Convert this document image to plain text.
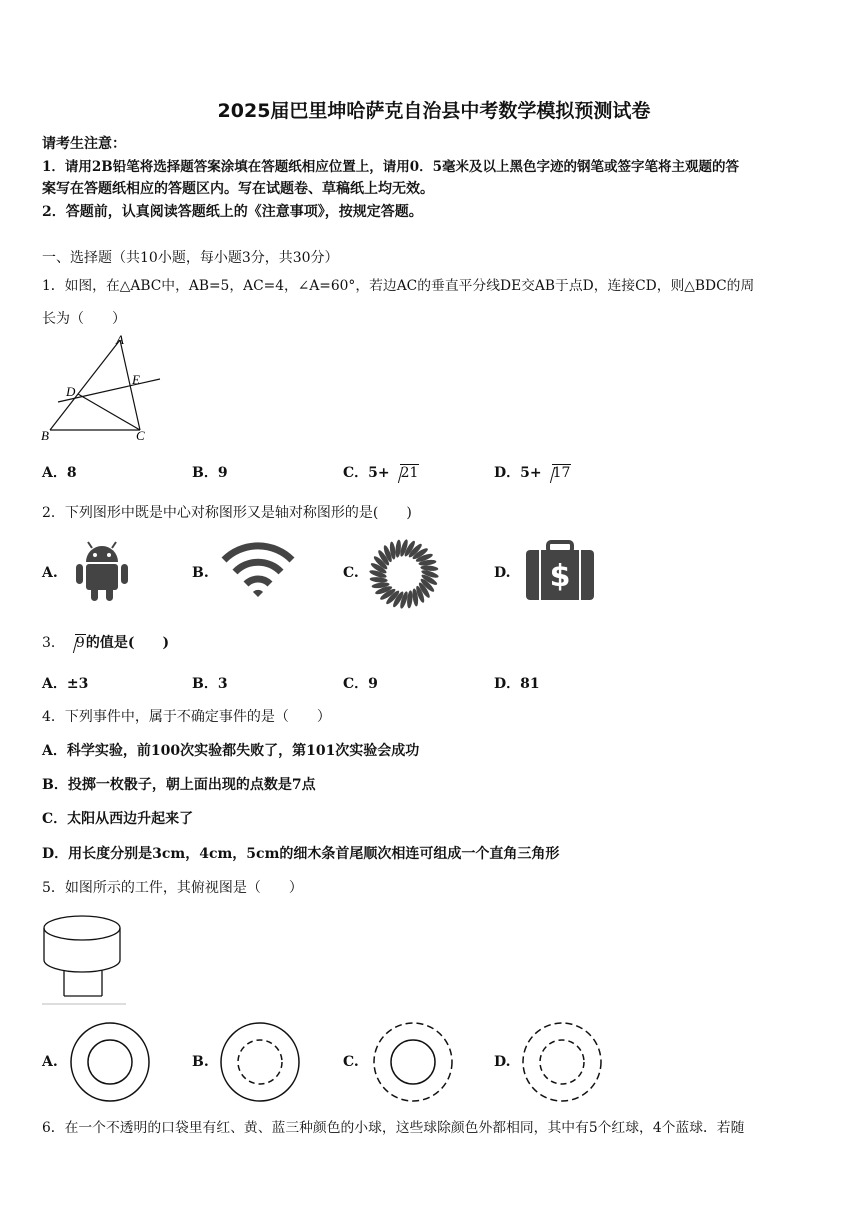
2025届巴里坤哈萨克自治县中考数学模拟预测试卷
请考生注意：
1．请用2B铅笔将选择题答案涂填在答题纸相应位置上，请用0．5毫米及以上黑色字迹的钢笔或签字笔将主观题的答
案写在答题纸相应的答题区内。写在试题卷、草稿纸上均无效。
2．答题前，认真阅读答题纸上的《注意事项》，按规定答题。
一、选择题（共10小题，每小题3分，共30分）
1．如图，在△ABC中，AB=5，AC=4，∠A=60°，若边AC的垂直平分线DE交AB于点D，连接CD，则△BDC的周
长为（　　）
A
D
E
B	C
A．8	B．9	C．5+ 21	D．5+ 17
2．下列图形中既是中心对称图形又是轴对称图形的是(　　)
A.	B.	C.	D. $
3． 9的值是(　　)
A．±3	B．3	C．9	D．81
4．下列事件中，属于不确定事件的是（　　）
A．科学实验，前100次实验都失败了，第101次实验会成功
B．投掷一枚骰子，朝上面出现的点数是7点
C．太阳从西边升起来了
D．用长度分别是3cm，4cm，5cm的细木条首尾顺次相连可组成一个直角三角形
5．如图所示的工件，其俯视图是（　　）
A.	B.	C.	D.
6．在一个不透明的口袋里有红、黄、蓝三种颜色的小球，这些球除颜色外都相同，其中有5个红球，4个蓝球．若随
